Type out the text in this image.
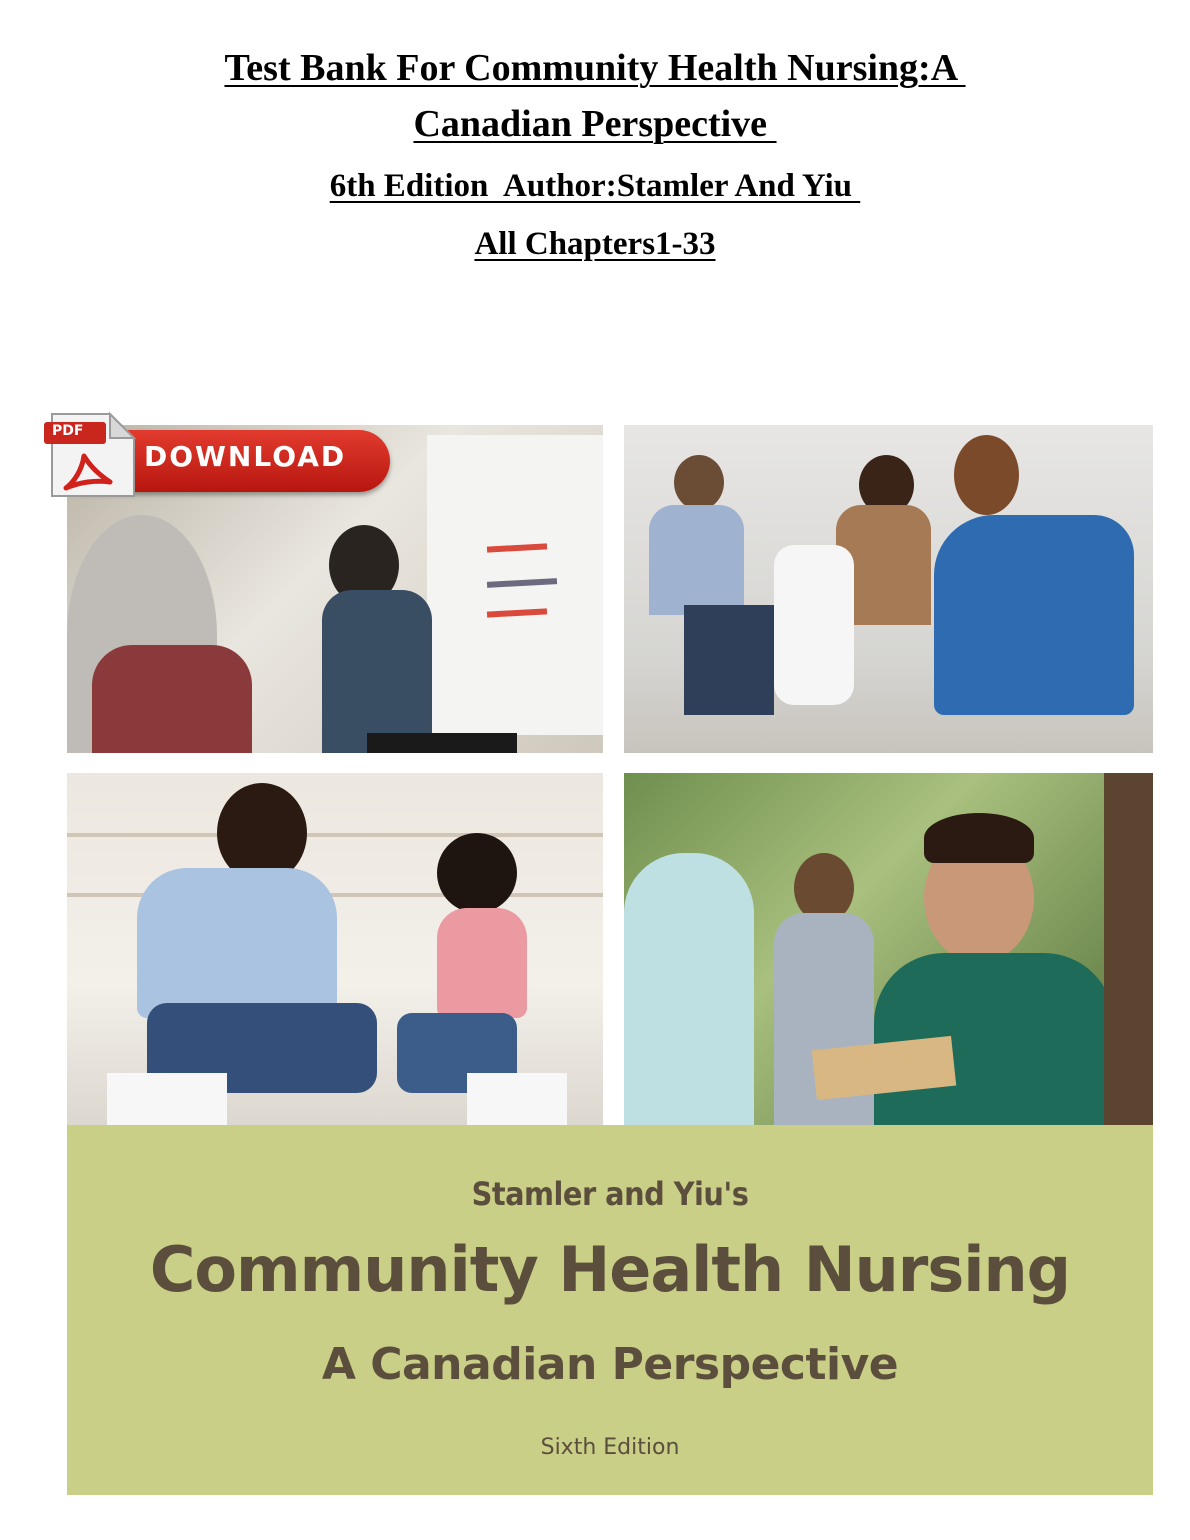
Test Bank For Community Health Nursing:A
Canadian Perspective
6th Edition  Author:Stamler And Yiu
All Chapters1-33
Stamler and Yiu's
Community Health Nursing
A Canadian Perspective
Sixth Edition
PDF
DOWNLOAD
